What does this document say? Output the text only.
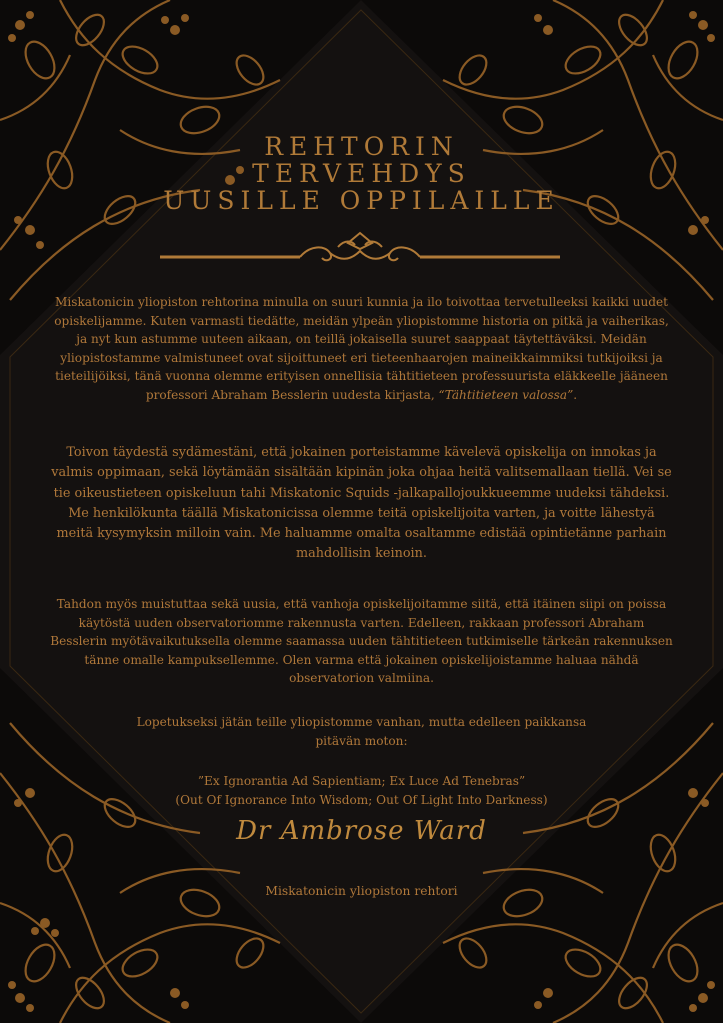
REHTORIN
TERVEHDYS
UUSILLE OPPILAILLE
Miskatonicin yliopiston rehtorina minulla on suuri kunnia ja ilo toivottaa tervetulleeksi kaikki uudet opiskelijamme. Kuten varmasti tiedätte, meidän ylpeän yliopistomme historia on pitkä ja vaiherikas, ja nyt kun astumme uuteen aikaan, on teillä jokaisella suuret saappaat täytettäväksi. Meidän yliopistostamme valmistuneet ovat sijoittuneet eri tieteenhaarojen maineikkaimmiksi tutkijoiksi ja tieteilijöiksi, tänä vuonna olemme erityisen onnellisia tähtitieteen professuurista eläkkeelle jääneen professori Abraham Besslerin uudesta kirjasta, “Tähtitieteen valossa”.
Toivon täydestä sydämestäni, että jokainen porteistamme kävelevä opiskelija on innokas ja valmis oppimaan, sekä löytämään sisältään kipinän joka ohjaa heitä valitsemallaan tiellä. Vei se tie oikeustieteen opiskeluun tahi Miskatonic Squids -jalkapallojoukkueemme uudeksi tähdeksi. Me henkilökunta täällä Miskatonicissa olemme teitä opiskelijoita varten, ja voitte lähestyä meitä kysymyksin milloin vain. Me haluamme omalta osaltamme edistää opintietänne parhain mahdollisin keinoin.
Tahdon myös muistuttaa sekä uusia, että vanhoja opiskelijoitamme siitä, että itäinen siipi on poissa käytöstä uuden observatoriomme rakennusta varten. Edelleen, rakkaan professori Abraham Besslerin myötävaikutuksella olemme saamassa uuden tähtitieteen tutkimiselle tärkeän rakennuksen tänne omalle kampuksellemme. Olen varma että jokainen opiskelijoistamme haluaa nähdä observatorion valmiina.
Lopetukseksi jätän teille yliopistomme vanhan, mutta edelleen paikkansa
pitävän moton:
”Ex Ignorantia Ad Sapientiam; Ex Luce Ad Tenebras”
(Out Of Ignorance Into Wisdom; Out Of Light Into Darkness)
Dr Ambrose Ward
Miskatonicin yliopiston rehtori
